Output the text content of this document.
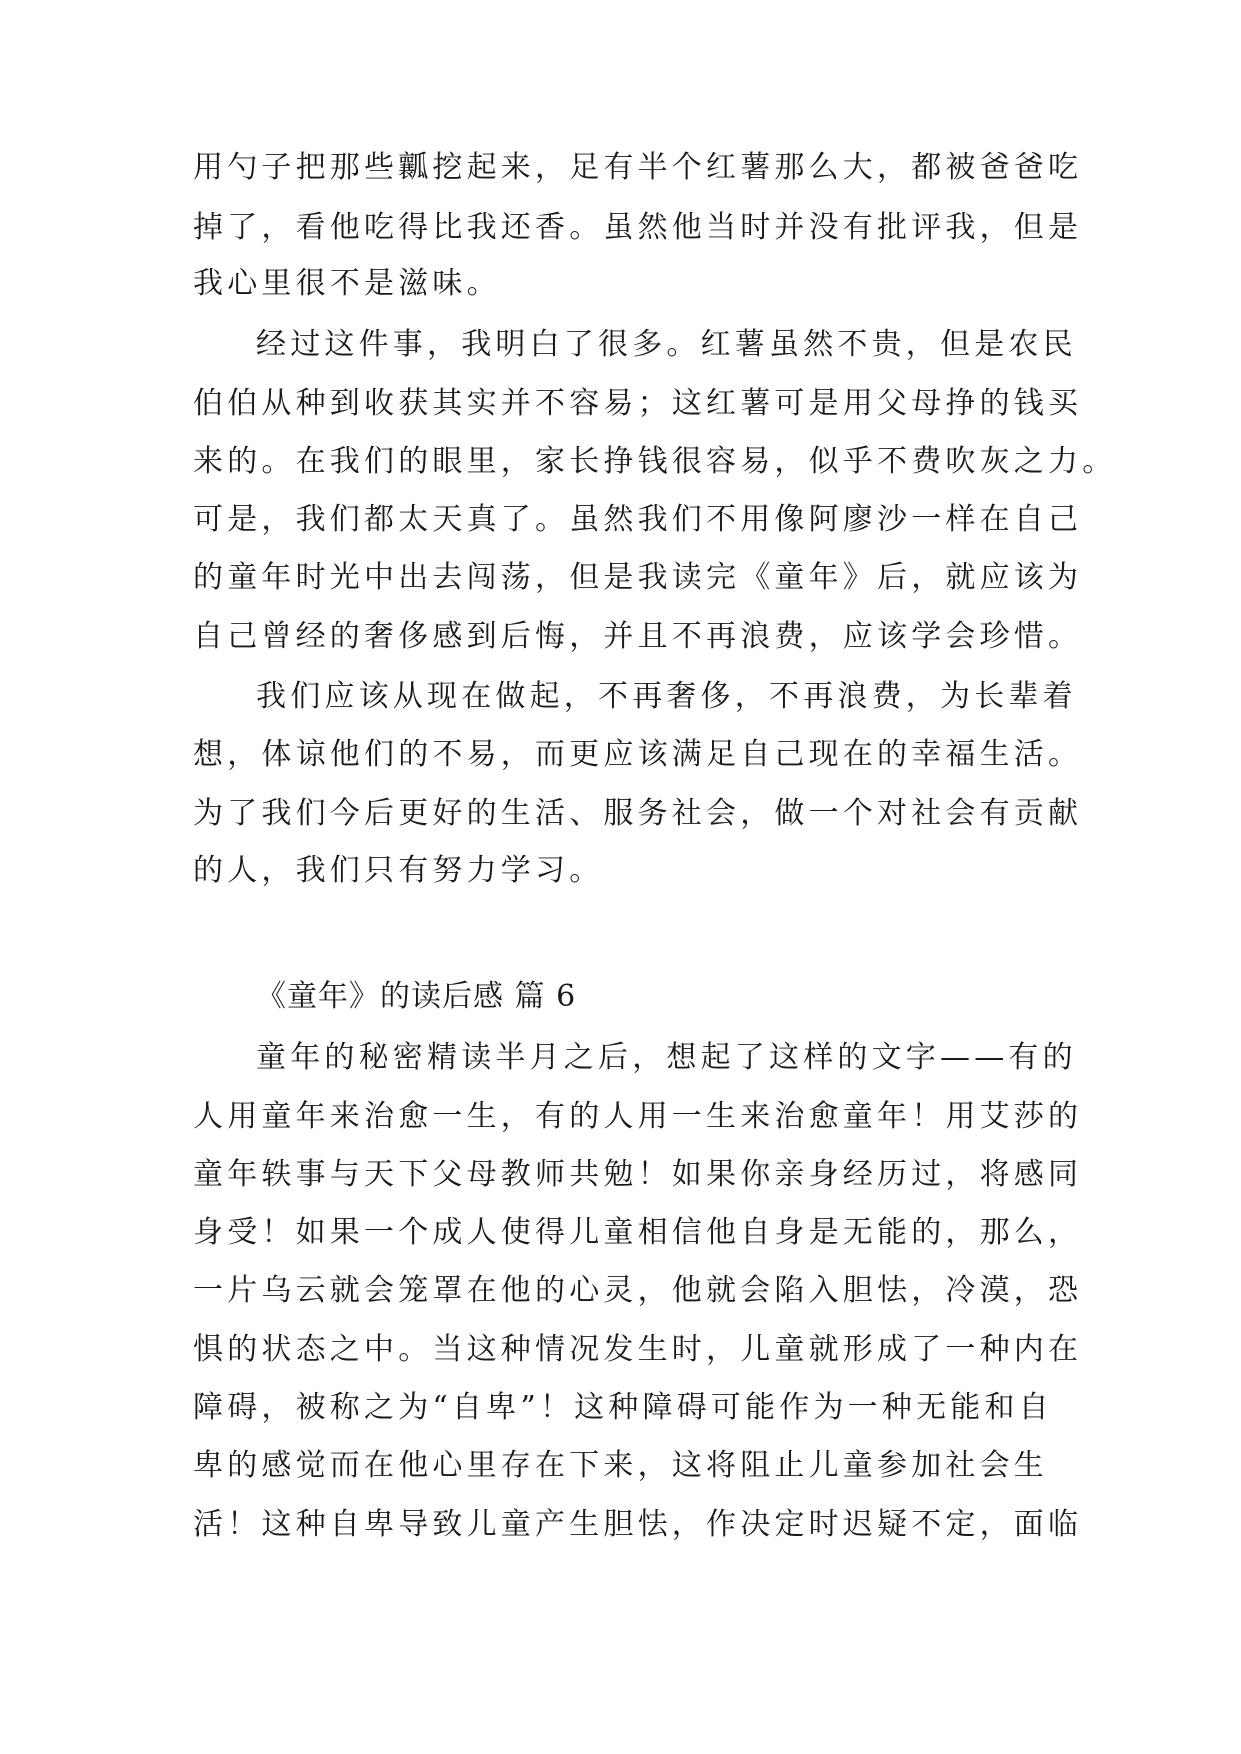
用勺子把那些瓤挖起来，足有半个红薯那么大，都被爸爸吃
掉了，看他吃得比我还香。虽然他当时并没有批评我，但是
我心里很不是滋味。
经过这件事，我明白了很多。红薯虽然不贵，但是农民
伯伯从种到收获其实并不容易；这红薯可是用父母挣的钱买
来的。在我们的眼里，家长挣钱很容易，似乎不费吹灰之力。
可是，我们都太天真了。虽然我们不用像阿廖沙一样在自己
的童年时光中出去闯荡，但是我读完《童年》后，就应该为
自己曾经的奢侈感到后悔，并且不再浪费，应该学会珍惜。
我们应该从现在做起，不再奢侈，不再浪费，为长辈着
想，体谅他们的不易，而更应该满足自己现在的幸福生活。
为了我们今后更好的生活、服务社会，做一个对社会有贡献
的人，我们只有努力学习。
《童年》的读后感 篇 6
童年的秘密精读半月之后，想起了这样的文字——有的
人用童年来治愈一生，有的人用一生来治愈童年！用艾莎的
童年轶事与天下父母教师共勉！如果你亲身经历过，将感同
身受！如果一个成人使得儿童相信他自身是无能的，那么，
一片乌云就会笼罩在他的心灵，他就会陷入胆怯，冷漠，恐
惧的状态之中。当这种情况发生时，儿童就形成了一种内在
障碍，被称之为“自卑”！这种障碍可能作为一种无能和自
卑的感觉而在他心里存在下来，这将阻止儿童参加社会生
活！这种自卑导致儿童产生胆怯，作决定时迟疑不定，面临
